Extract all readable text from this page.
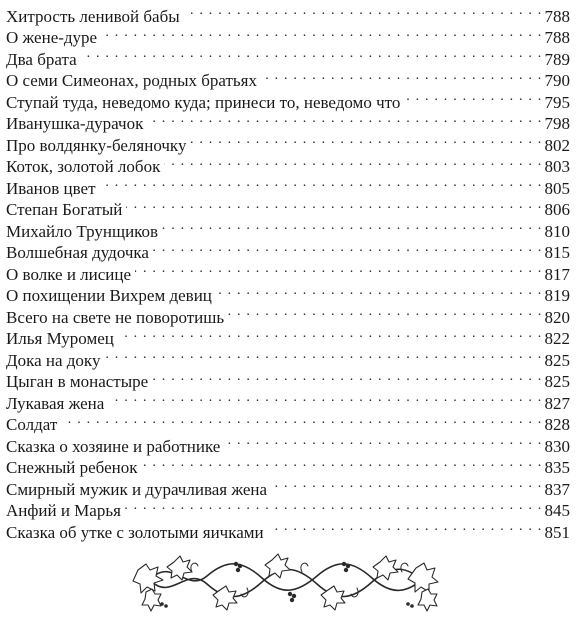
Хитрость ленивой бабы . . .	788
О жене-дуре . . .	788
Два брата . . .	789
О семи Симеонах, родных братьях . . .	790
Ступай туда, неведомо куда; принеси то, неведомо что . . .	795
Иванушка-дурачок . . .	798
Про волдянку-беляночку . . .	802
Коток, золотой лобок . . .	803
Иванов цвет . . .	805
Степан Богатый . . .	806
Михайло Трунщиков . . .	810
Волшебная дудочка . . .	815
О волке и лисице . . .	817
О похищении Вихрем девиц . . .	819
Всего на свете не поворотишь . . .	820
Илья Муромец . . .	822
Дока на доку . . .	825
Цыган в монастыре . . .	825
Лукавая жена . . .	827
Солдат . . .	828
Сказка о хозяине и работнике . . .	830
Снежный ребенок . . .	835
Смирный мужик и дурачливая жена . . .	837
Анфий и Марья . . .	845
Сказка об утке с золотыми яичками . . .	851
